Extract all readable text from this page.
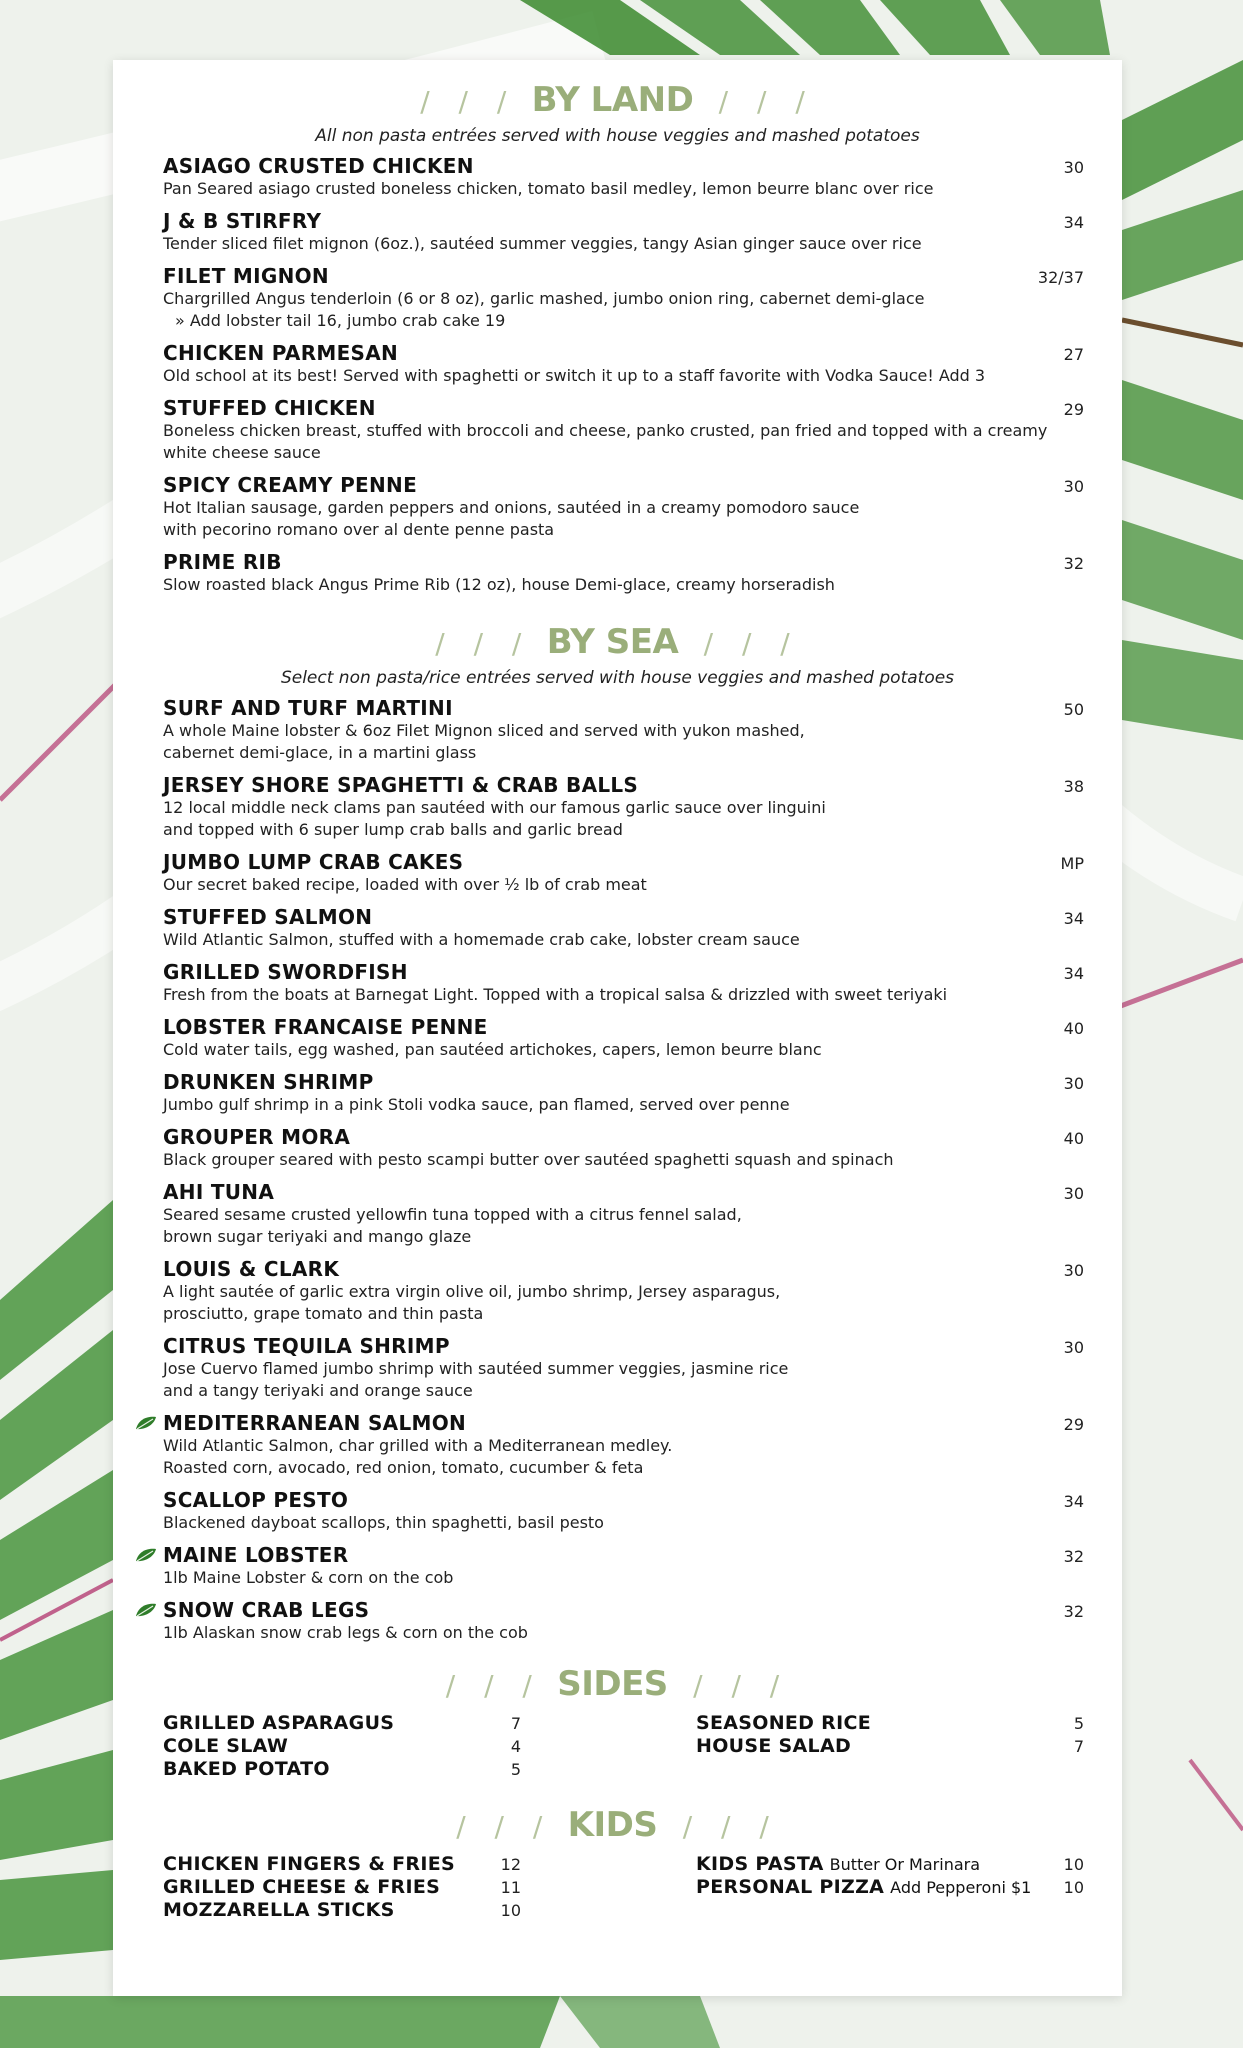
/ / / BY LAND / / /
All non pasta entrées served with house veggies and mashed potatoes
ASIAGO CRUSTED CHICKEN	30
Pan Seared asiago crusted boneless chicken, tomato basil medley, lemon beurre blanc over rice
J & B STIRFRY	34
Tender sliced filet mignon (6oz.), sautéed summer veggies, tangy Asian ginger sauce over rice
FILET MIGNON	32/37
Chargrilled Angus tenderloin (6 or 8 oz), garlic mashed, jumbo onion ring, cabernet demi-glace
» Add lobster tail 16, jumbo crab cake 19
CHICKEN PARMESAN	27
Old school at its best! Served with spaghetti or switch it up to a staff favorite with Vodka Sauce! Add 3
STUFFED CHICKEN	29
Boneless chicken breast, stuffed with broccoli and cheese, panko crusted, pan fried and topped with a creamy white cheese sauce
SPICY CREAMY PENNE	30
Hot Italian sausage, garden peppers and onions, sautéed in a creamy pomodoro sauce
with pecorino romano over al dente penne pasta
PRIME RIB	32
Slow roasted black Angus Prime Rib (12 oz), house Demi-glace, creamy horseradish
/ / / BY SEA / / /
Select non pasta/rice entrées served with house veggies and mashed potatoes
SURF AND TURF MARTINI	50
A whole Maine lobster & 6oz Filet Mignon sliced and served with yukon mashed,
cabernet demi-glace, in a martini glass
JERSEY SHORE SPAGHETTI & CRAB BALLS	38
12 local middle neck clams pan sautéed with our famous garlic sauce over linguini
and topped with 6 super lump crab balls and garlic bread
JUMBO LUMP CRAB CAKES	MP
Our secret baked recipe, loaded with over ½ lb of crab meat
STUFFED SALMON	34
Wild Atlantic Salmon, stuffed with a homemade crab cake, lobster cream sauce
GRILLED SWORDFISH	34
Fresh from the boats at Barnegat Light. Topped with a tropical salsa & drizzled with sweet teriyaki
LOBSTER FRANCAISE PENNE	40
Cold water tails, egg washed, pan sautéed artichokes, capers, lemon beurre blanc
DRUNKEN SHRIMP	30
Jumbo gulf shrimp in a pink Stoli vodka sauce, pan flamed, served over penne
GROUPER MORA	40
Black grouper seared with pesto scampi butter over sautéed spaghetti squash and spinach
AHI TUNA	30
Seared sesame crusted yellowfin tuna topped with a citrus fennel salad,
brown sugar teriyaki and mango glaze
LOUIS & CLARK	30
A light sautée of garlic extra virgin olive oil, jumbo shrimp, Jersey asparagus,
prosciutto, grape tomato and thin pasta
CITRUS TEQUILA SHRIMP	30
Jose Cuervo flamed jumbo shrimp with sautéed summer veggies, jasmine rice
and a tangy teriyaki and orange sauce
MEDITERRANEAN SALMON	29
Wild Atlantic Salmon, char grilled with a Mediterranean medley.
Roasted corn, avocado, red onion, tomato, cucumber & feta
SCALLOP PESTO	34
Blackened dayboat scallops, thin spaghetti, basil pesto
MAINE LOBSTER	32
1lb Maine Lobster & corn on the cob
SNOW CRAB LEGS	32
1lb Alaskan snow crab legs & corn on the cob
/ / / SIDES / / /
GRILLED ASPARAGUS	7
COLE SLAW	4
BAKED POTATO	5
SEASONED RICE	5
HOUSE SALAD	7
/ / / KIDS / / /
CHICKEN FINGERS & FRIES	12
GRILLED CHEESE & FRIES	11
MOZZARELLA STICKS	10
KIDS PASTA Butter Or Marinara	10
PERSONAL PIZZA Add Pepperoni $1 10
